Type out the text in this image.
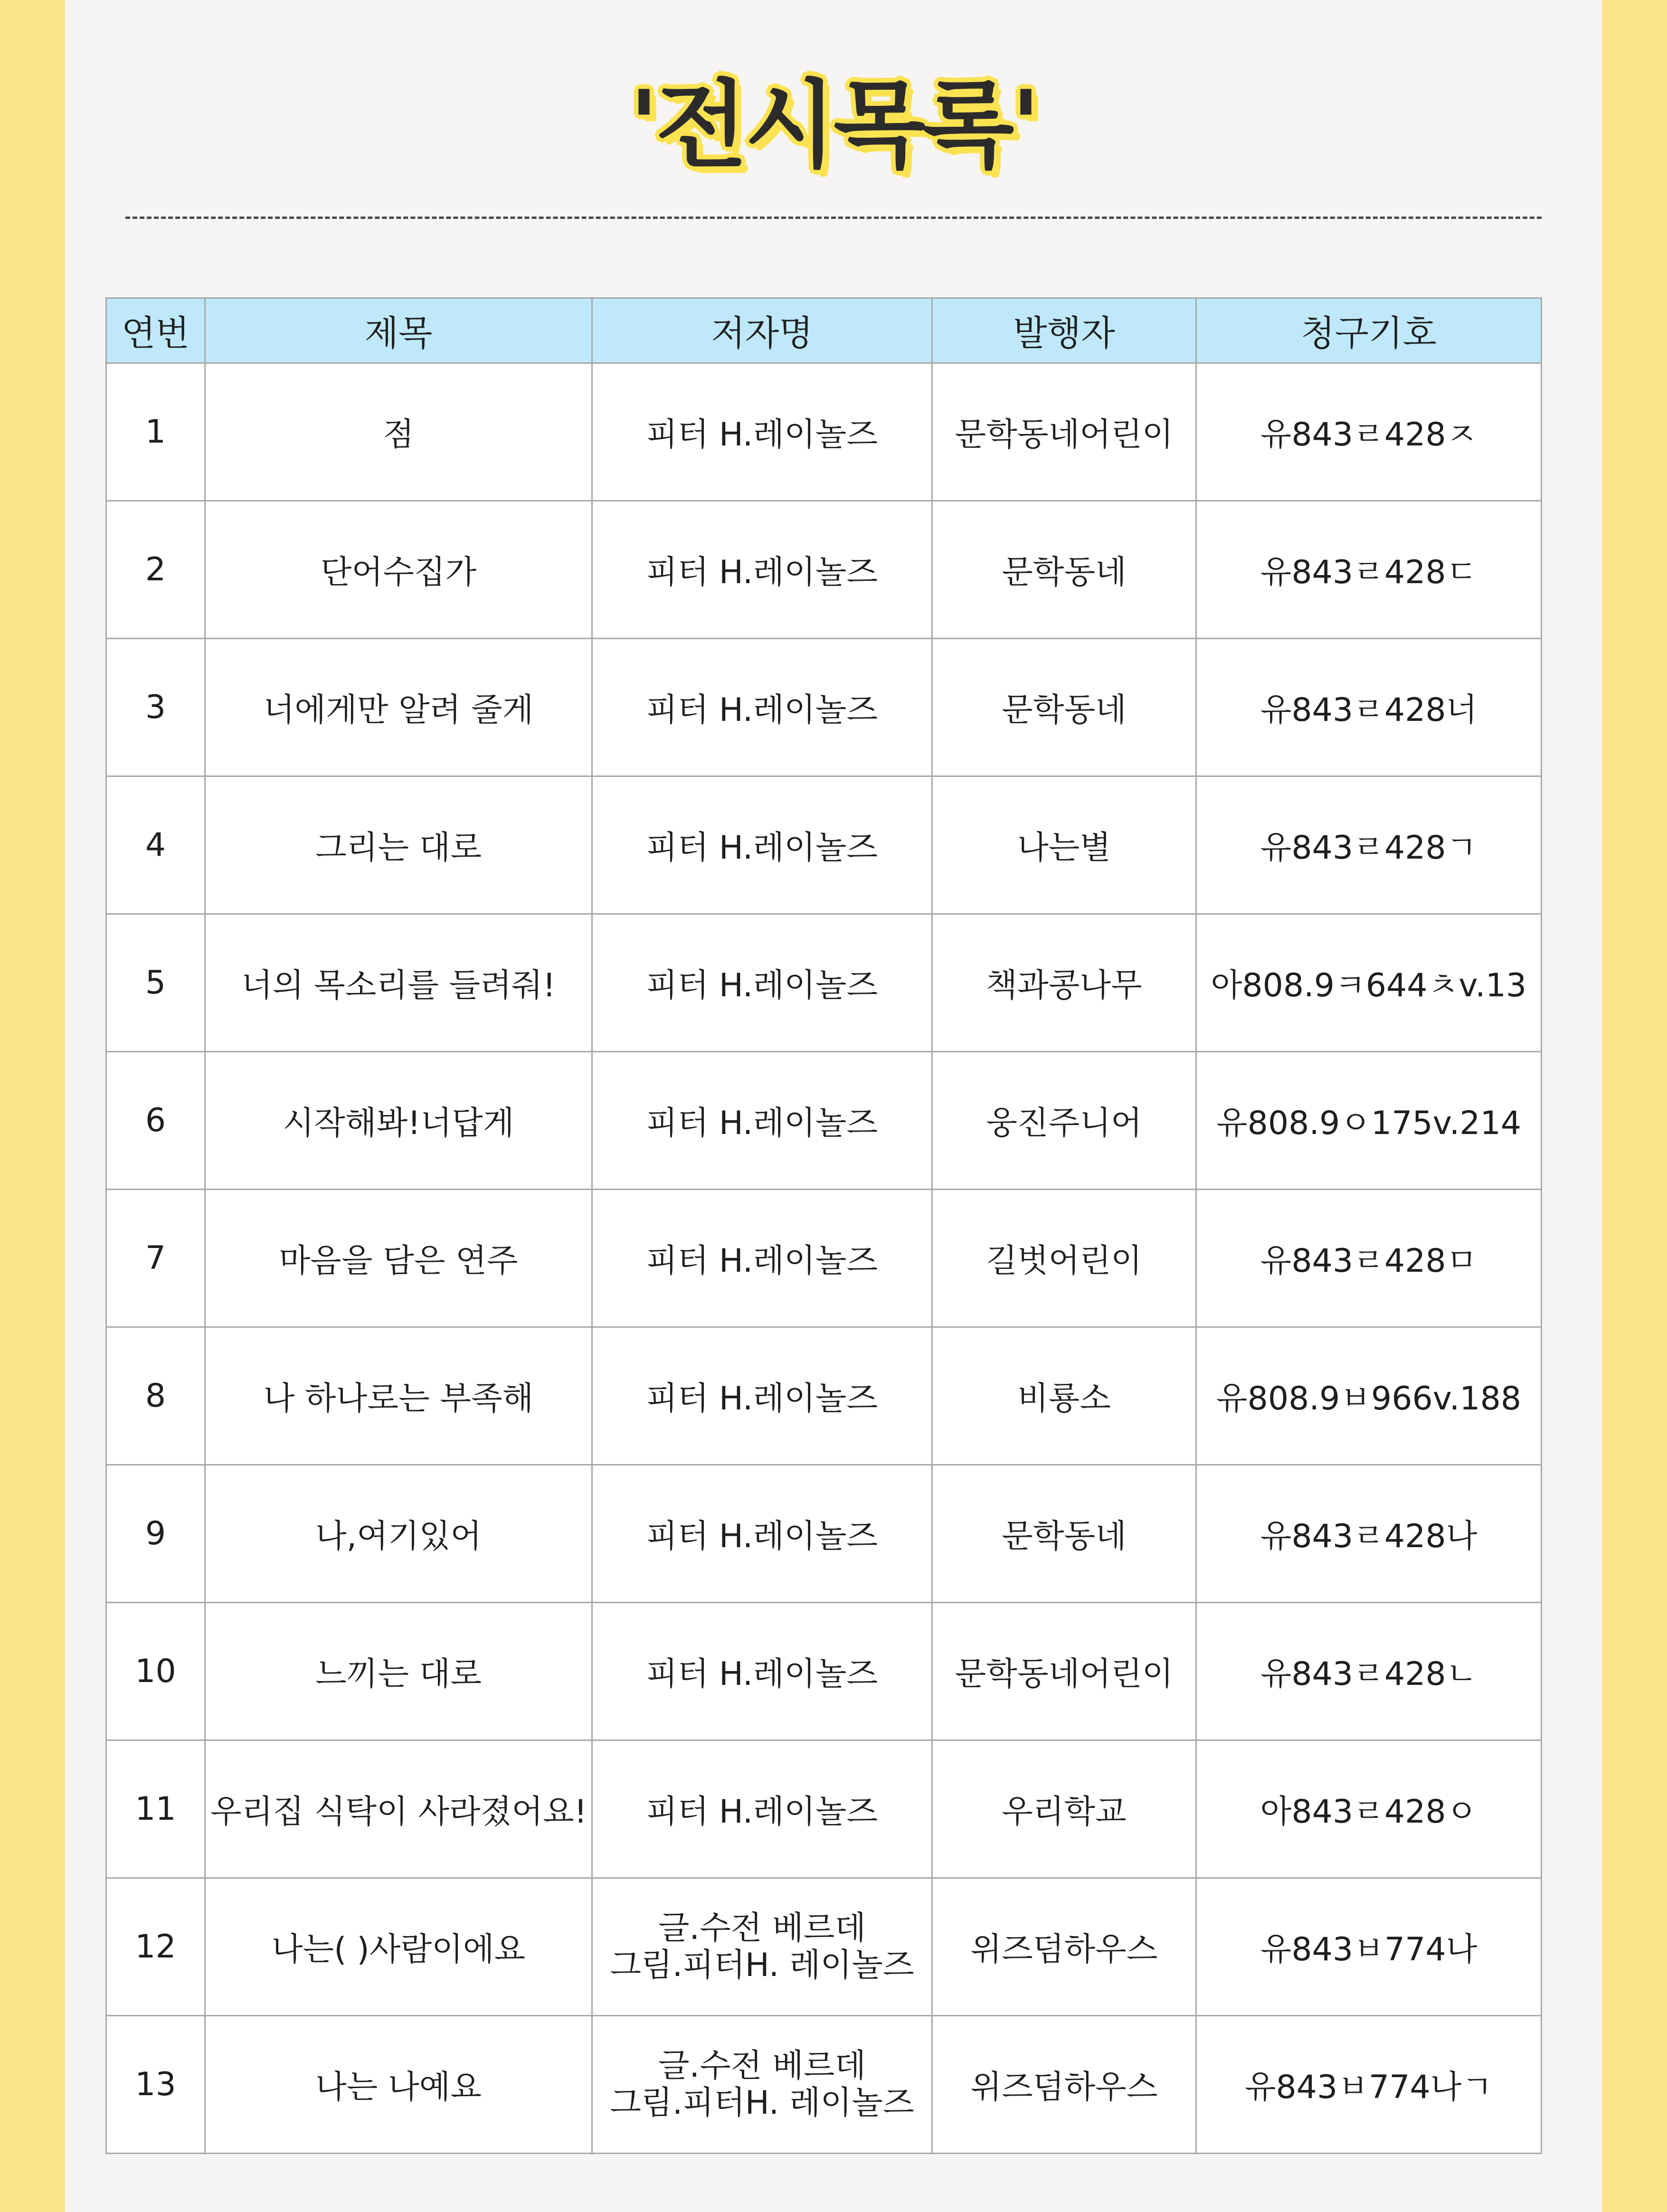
'전시목록'
연번	제목	저자명	발행자	청구기호
1	점	피터 H.레이놀즈	문학동네어린이	유843ㄹ428ㅈ
2	단어수집가	피터 H.레이놀즈	문학동네	유843ㄹ428ㄷ
3	너에게만 알려 줄게	피터 H.레이놀즈	문학동네	유843ㄹ428너
4	그리는 대로	피터 H.레이놀즈	나는별	유843ㄹ428ㄱ
5	너의 목소리를 들려줘!	피터 H.레이놀즈	책과콩나무	아808.9ㅋ644ㅊv.13
6	시작해봐!너답게	피터 H.레이놀즈	웅진주니어	유808.9ㅇ175v.214
7	마음을 담은 연주	피터 H.레이놀즈	길벗어린이	유843ㄹ428ㅁ
8	나 하나로는 부족해	피터 H.레이놀즈	비룡소	유808.9ㅂ966v.188
9	나,여기있어	피터 H.레이놀즈	문학동네	유843ㄹ428나
10	느끼는 대로	피터 H.레이놀즈	문학동네어린이	유843ㄹ428ㄴ
11	우리집 식탁이 사라졌어요!	피터 H.레이놀즈	우리학교	아843ㄹ428ㅇ
12	나는( )사람이에요	글.수전 베르데
그림.피터H. 레이놀즈	위즈덤하우스	유843ㅂ774나
13	나는 나예요	글.수전 베르데
그림.피터H. 레이놀즈	위즈덤하우스	유843ㅂ774나ㄱ
